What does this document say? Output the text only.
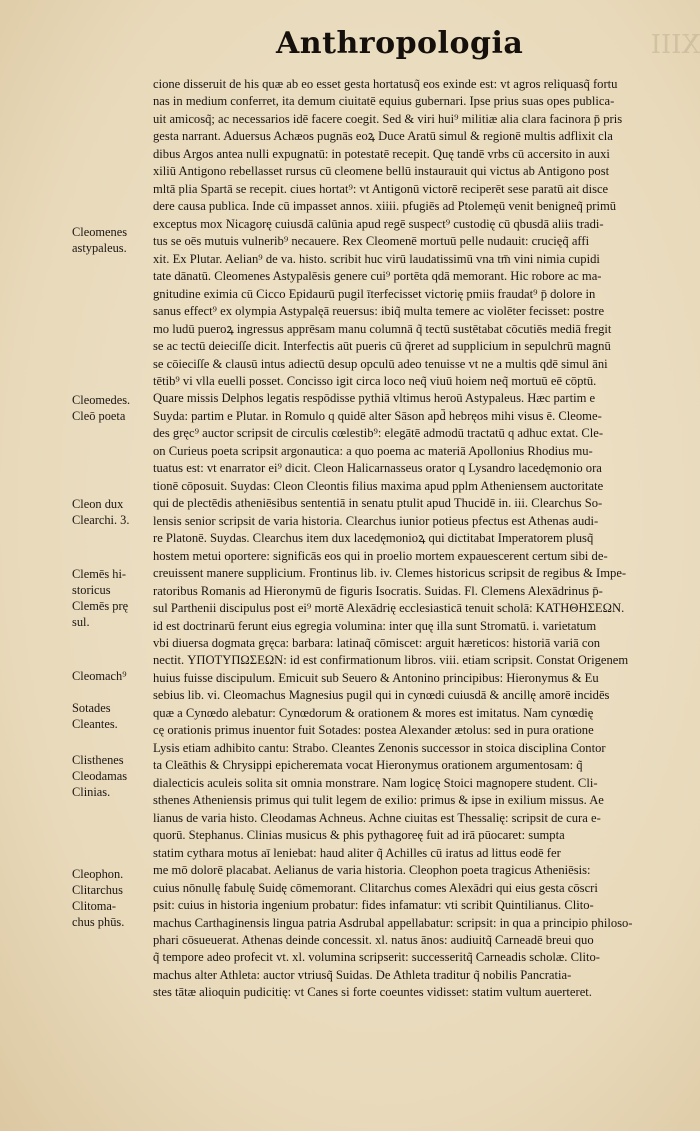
XIII
Anthropologia
Cleomenes
astypaleus.
Cleomedes.
Cleō poeta
Cleon dux
Clearchi. 3.
Clemēs hi-
storicus
Clemēs prę
sul.
Cleomach⁹
Sotades
Cleantes.
Clisthenes
Cleodamas
Clinias.
Cleophon.
Clitarchus
Clitoma-
chus phūs.
cione disseruit de his quæ ab eo esset gesta hortatusq̃ eos exinde est: vt agros reliquasq̃ fortu
nas in medium conferret, ita demum ciuitatē equius gubernari. Ipse prius suas opes publica-
uit amicosq̃; ac necessarios idē facere coegit. Sed & viri hui⁹ militiæ alia clara facinora p̄ pris
gesta narrant. Aduersus Achæos pugnās eoꝝ Duce Aratū simul & regionē multis adflixit cla
dibus Argos antea nulli expugnatū: in potestatē recepit. Quę tandē vrbs cū accersito in auxi
xiliū Antigono rebellasset rursus cū cleomene bellū instaurauit qui victus ab Antigono post
mltā plia Spartā se recepit. ciues hortat⁹: vt Antigonū victorē reciperēt sese paratū ait disce
dere causa publica. Inde cū impasset annos. xiiii. pfugiēs ad Ptolemęū venit benigneq̃ primū
exceptus mox Nicagorę cuiusdā calūnia apud regē suspect⁹ custodię cū qbusdā aliis tradi-
tus se oēs mutuis vulnerib⁹ necauere. Rex Cleomenē mortuū pelle nudauit: crucięq̃ affi
xit. Ex Plutar. Aelian⁹ de va. histo. scribit huc virū laudatissimū vna tm̄ vini nimia cupidi
tate dānatū. Cleomenes Astypalēsis genere cui⁹ portēta qdā memorant. Hic robore ac ma-
gnitudine eximia cū Cicco Epidaurū pugil īterfecisset victorię pmiis fraudat⁹ p̄ dolore in
sanus effect⁹ ex olympia Astypalęā reuersus: ibiq̃ multa temere ac violēter fecisset: postre
mo ludū pueroꝝ ingressus apprēsam manu columnā q̃ tectū sustētabat cōcutiēs mediā fregit
se ac tectū deieciſſe dicit. Interfectis aūt pueris cū q̃reret ad supplicium in sepulchrū magnū
se cōieciſſe & clausū intus adiectū desup opculū adeo tenuisse vt ne a multis qdē simul āni
tētib⁹ vi vlla euelli posset. Concisso igit circa loco neq̃ viuū hoiem neq̃ mortuū eē cōptū.
Quare missis Delphos legatis respōdisse pythiā vltimus heroū Astypaleus. Hæc partim e
Suyda: partim e Plutar. in Romulo q quidē alter Sāson apd̄ hebręos mihi visus ē. Cleome-
des gręc⁹ auctor scripsit de circulis cœlestib⁹: elegātē admodū tractatū q adhuc extat. Cle-
on Curieus poeta scripsit argonautica: a quo poema ac materiā Apollonius Rhodius mu-
tuatus est: vt enarrator ei⁹ dicit. Cleon Halicarnasseus orator q Lysandro lacedęmonio ora
tionē cōposuit. Suydas: Cleon Cleontis filius maxima apud pplm Atheniensem auctoritate
qui de plectēdis atheniēsibus sententiā in senatu ptulit apud Thucidē in. iii. Clearchus So-
lensis senior scripsit de varia historia. Clearchus iunior potieus pfectus est Athenas audi-
re Platonē. Suydas. Clearchus item dux lacedęmonioꝝ qui dictitabat Imperatorem plusq̃
hostem metui oportere: significās eos qui in proelio mortem expauescerent certum sibi de-
creuissent manere supplicium. Frontinus lib. iv. Clemes historicus scripsit de regibus & Impe-
ratoribus Romanis ad Hieronymū de figuris Isocratis. Suidas. Fl. Clemens Alexādrinus p̄-
sul Parthenii discipulus post ei⁹ mortē Alexādrię ecclesiasticā tenuit scholā: ΚΑΤΗΘΗΣΕΩΝ.
id est doctrinarū ferunt eius egregia volumina: inter quę illa sunt Stromatū. i. varietatum
vbi diuersa dogmata gręca: barbara: latinaq̃ cōmiscet: arguit hæreticos: historiā variā con
nectit. ΥΠΟΤΥΠΩΣΕΩΝ: id est confirmationum libros. viii. etiam scripsit. Constat Origenem
huius fuisse discipulum. Emicuit sub Seuero & Antonino principibus: Hieronymus & Eu
sebius lib. vi. Cleomachus Magnesius pugil qui in cynœdi cuiusdā & ancillę amorē incidēs
quæ a Cynœdo alebatur: Cynœdorum & orationem & mores est imitatus. Nam cynœdię
cę orationis primus inuentor fuit Sotades: postea Alexander ætolus: sed in pura oratione
Lysis etiam adhibito cantu: Strabo. Cleantes Zenonis successor in stoica disciplina Contor
ta Cleāthis & Chrysippi epicheremata vocat Hieronymus orationem argumentosam: q̃
dialecticis aculeis solita sit omnia monstrare. Nam logicę Stoici magnopere student. Cli-
sthenes Atheniensis primus qui tulit legem de exilio: primus & ipse in exilium missus. Ae
lianus de varia histo. Cleodamas Achneus. Achne ciuitas est Thessalię: scripsit de cura e-
quorū. Stephanus. Clinias musicus & phis pythagoreę fuit ad irā pūocaret: sumpta
statim cythara motus aī leniebat: haud aliter q̃ Achilles cū iratus ad littus eodē fer
me mō dolorē placabat. Aelianus de varia historia. Cleophon poeta tragicus Atheniēsis:
cuius nōnullę fabulę Suidę cōmemorant. Clitarchus comes Alexādri qui eius gesta cōscri
psit: cuius in historia ingenium probatur: fides infamatur: vti scribit Quintilianus. Clito-
machus Carthaginensis lingua patria Asdrubal appellabatur: scripsit: in qua a principio philoso-
phari cōsueuerat. Athenas deinde concessit. xl. natus ānos: audiuitq̃ Carneadē breui quo
q̃ tempore adeo profecit vt. xl. volumina scripserit: successeritq̃ Carneadis scholæ. Clito-
machus alter Athleta: auctor vtriusq̃ Suidas. De Athleta traditur q̃ nobilis Pancratia-
stes tātæ alioquin pudicitię: vt Canes si forte coeuntes vidisset: statim vultum auerteret.
